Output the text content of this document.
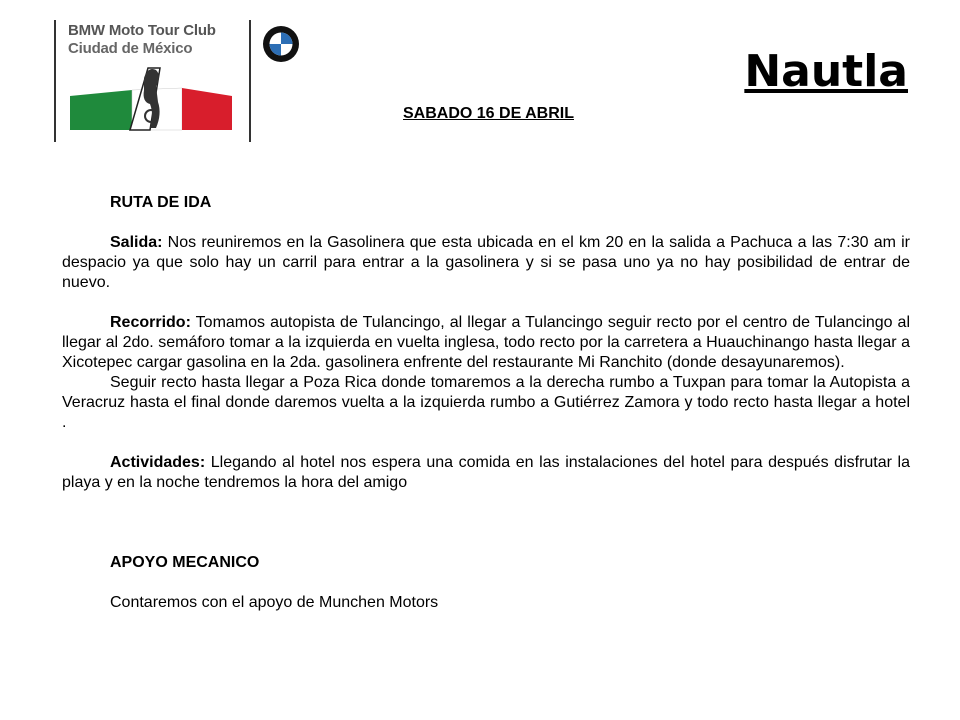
BMW Moto Tour Club
Ciudad de México	Nautla
SABADO 16 DE ABRIL

RUTA DE IDA

Salida: Nos reuniremos en la Gasolinera que esta ubicada en el km 20 en la salida a Pachuca a las 7:30 am ir despacio ya que solo hay un carril para entrar a la gasolinera y si se pasa uno ya no hay posibilidad de entrar de nuevo.

Recorrido: Tomamos autopista de Tulancingo, al llegar a Tulancingo seguir recto por el centro de Tulancingo al llegar al 2do. semáforo tomar a la izquierda en vuelta inglesa, todo recto por la carretera a Huauchinango hasta llegar a Xicotepec cargar gasolina en la 2da. gasolinera enfrente del restaurante Mi Ranchito (donde desayunaremos).

Seguir recto hasta llegar a Poza Rica donde tomaremos a la derecha rumbo a Tuxpan para tomar la Autopista a Veracruz hasta el final donde daremos vuelta a la izquierda rumbo a Gutiérrez Zamora y todo recto hasta llegar a hotel .

Actividades: Llegando al hotel nos espera una comida en las instalaciones del hotel para después disfrutar la playa y en la noche tendremos la hora del amigo

APOYO MECANICO

Contaremos con el apoyo de Munchen Motors
